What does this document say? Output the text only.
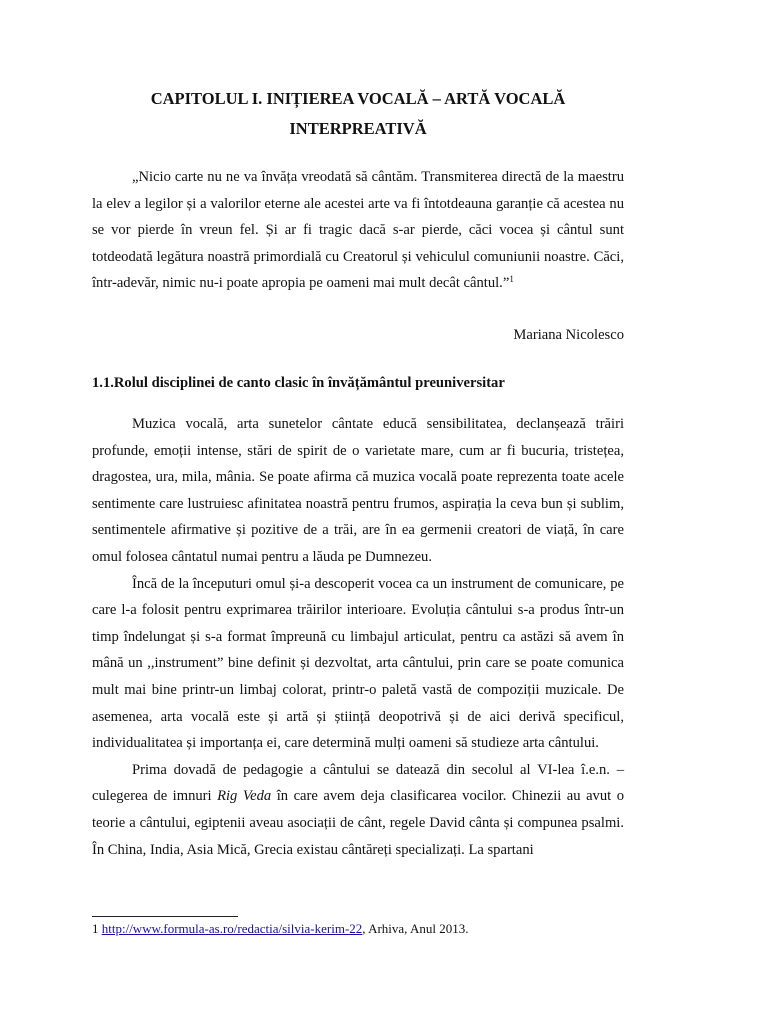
CAPITOLUL I. INIȚIEREA VOCALĂ – ARTĂ VOCALĂ
INTERPREATIVĂ

„Nicio carte nu ne va învăța vreodată să cântăm. Transmiterea directă de la maestru la elev a legilor și a valorilor eterne ale acestei arte va fi întotdeauna garanție că acestea nu se vor pierde în vreun fel. Și ar fi tragic dacă s-ar pierde, căci vocea și cântul sunt totdeodată legătura noastră primordială cu Creatorul și vehiculul comuniunii noastre. Căci, într-adevăr, nimic nu-i poate apropia pe oameni mai mult decât cântul.”$^1$

Mariana Nicolesco
1.1.Rolul disciplinei de canto clasic în învățământul preuniversitar

Muzica vocală, arta sunetelor cântate educă sensibilitatea, declanșează trăiri profunde, emoții intense, stări de spirit de o varietate mare, cum ar fi bucuria, tristețea, dragostea, ura, mila, mânia. Se poate afirma că muzica vocală poate reprezenta toate acele sentimente care lustruiesc afinitatea noastră pentru frumos, aspirația la ceva bun și sublim, sentimentele afirmative și pozitive de a trăi, are în ea germenii creatori de viață, în care omul folosea cântatul numai pentru a lăuda pe Dumnezeu.

Încă de la începuturi omul și-a descoperit vocea ca un instrument de comunicare, pe care l-a folosit pentru exprimarea trăirilor interioare. Evoluția cântului s-a produs într-un timp îndelungat și s-a format împreună cu limbajul articulat, pentru ca astăzi să avem în mână un ,,instrument” bine definit și dezvoltat, arta cântului, prin care se poate comunica mult mai bine printr-un limbaj colorat, printr-o paletă vastă de compoziții muzicale. De asemenea, arta vocală este și artă și știință deopotrivă și de aici derivă specificul, individualitatea și importanța ei, care determină mulți oameni să studieze arta cântului.

Prima dovadă de pedagogie a cântului se datează din secolul al VI-lea î.e.n. – culegerea de imnuri Rig Veda în care avem deja clasificarea vocilor. Chinezii au avut o teorie a cântului, egiptenii aveau asociații de cânt, regele David cânta și compunea psalmi. În China, India, Asia Mică, Grecia existau cântăreți specializați. La spartani

1 http://www.formula-as.ro/redactia/silvia-kerim-22, Arhiva, Anul 2013.
